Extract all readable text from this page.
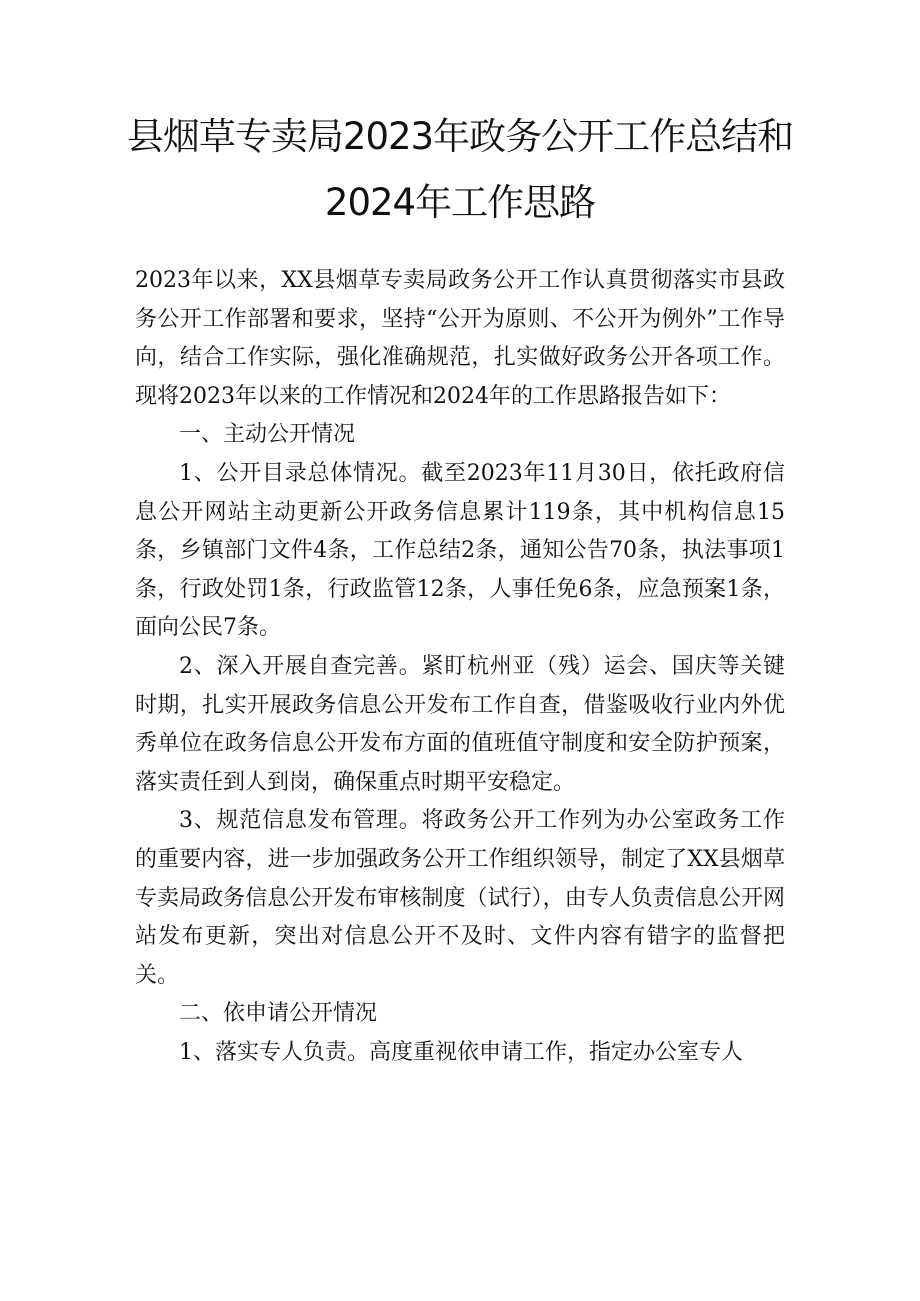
县烟草专卖局2023年政务公开工作总结和
2024年工作思路

2023年以来，XX县烟草专卖局政务公开工作认真贯彻落实市县政务公开工作部署和要求，坚持“公开为原则、不公开为例外”工作导向，结合工作实际，强化准确规范，扎实做好政务公开各项工作。现将2023年以来的工作情况和2024年的工作思路报告如下：

一、主动公开情况

1、公开目录总体情况。截至2023年11月30日，依托政府信息公开网站主动更新公开政务信息累计119条，其中机构信息15条，乡镇部门文件4条，工作总结2条，通知公告70条，执法事项1条，行政处罚1条，行政监管12条，人事任免6条，应急预案1条，面向公民7条。

2、深入开展自查完善。紧盯杭州亚（残）运会、国庆等关键时期，扎实开展政务信息公开发布工作自查，借鉴吸收行业内外优秀单位在政务信息公开发布方面的值班值守制度和安全防护预案，落实责任到人到岗，确保重点时期平安稳定。

3、规范信息发布管理。将政务公开工作列为办公室政务工作的重要内容，进一步加强政务公开工作组织领导，制定了XX县烟草专卖局政务信息公开发布审核制度（试行），由专人负责信息公开网站发布更新，突出对信息公开不及时、文件内容有错字的监督把关。

二、依申请公开情况

1、落实专人负责。高度重视依申请工作，指定办公室专人
